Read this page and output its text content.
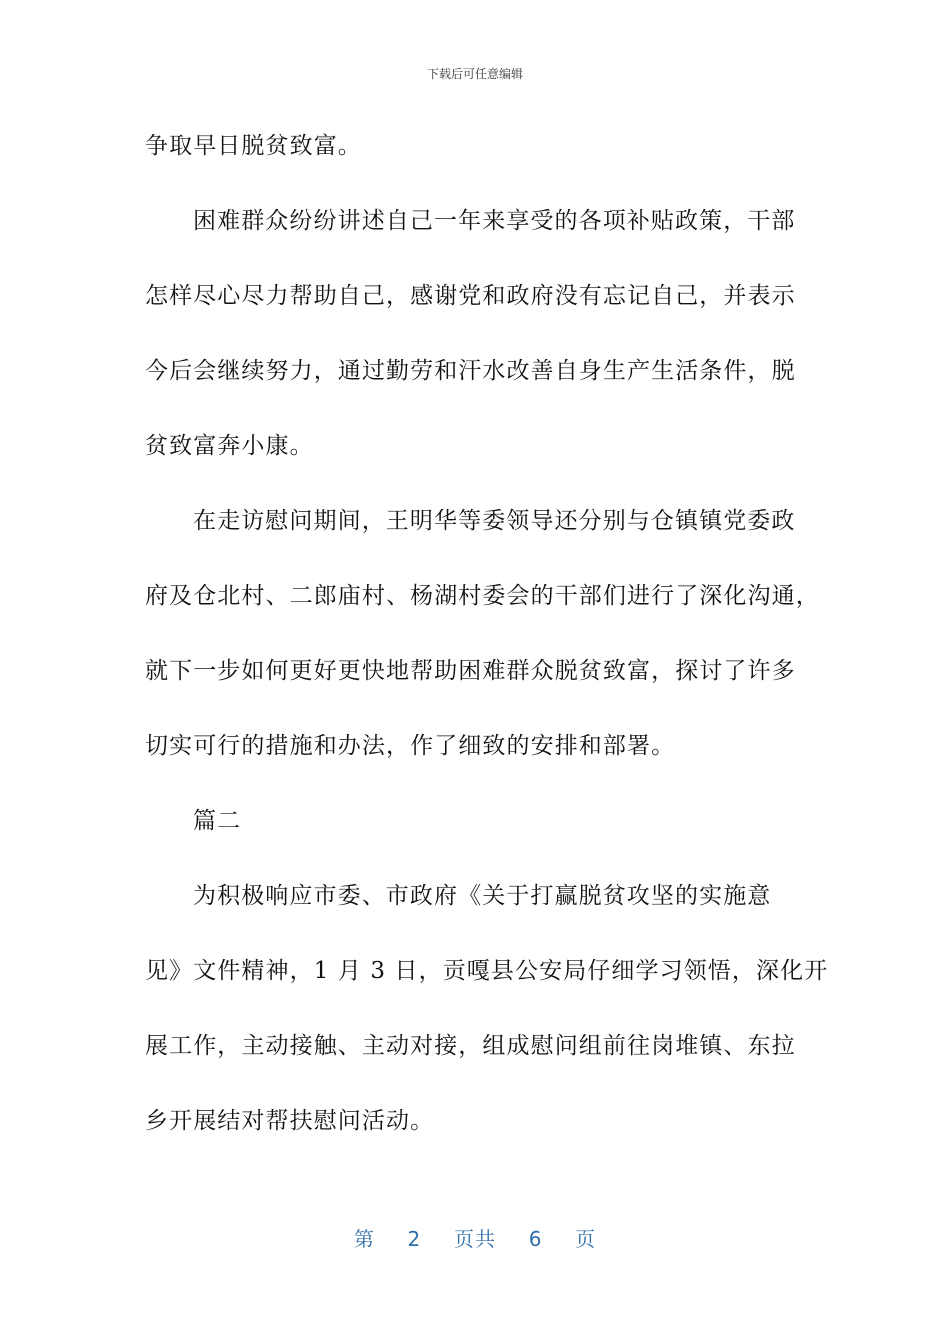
下载后可任意编辑
争取早日脱贫致富。
困难群众纷纷讲述自己一年来享受的各项补贴政策，干部
怎样尽心尽力帮助自己，感谢党和政府没有忘记自己，并表示
今后会继续努力，通过勤劳和汗水改善自身生产生活条件，脱
贫致富奔小康。
在走访慰问期间，王明华等委领导还分别与仓镇镇党委政
府及仓北村、二郎庙村、杨湖村委会的干部们进行了深化沟通，
就下一步如何更好更快地帮助困难群众脱贫致富，探讨了许多
切实可行的措施和办法，作了细致的安排和部署。
篇二
为积极响应市委、市政府《关于打赢脱贫攻坚的实施意
见》文件精神，1 月 3 日，贡嘎县公安局仔细学习领悟，深化开
展工作，主动接触、主动对接，组成慰问组前往岗堆镇、东拉
乡开展结对帮扶慰问活动。
第 2 页共 6 页
